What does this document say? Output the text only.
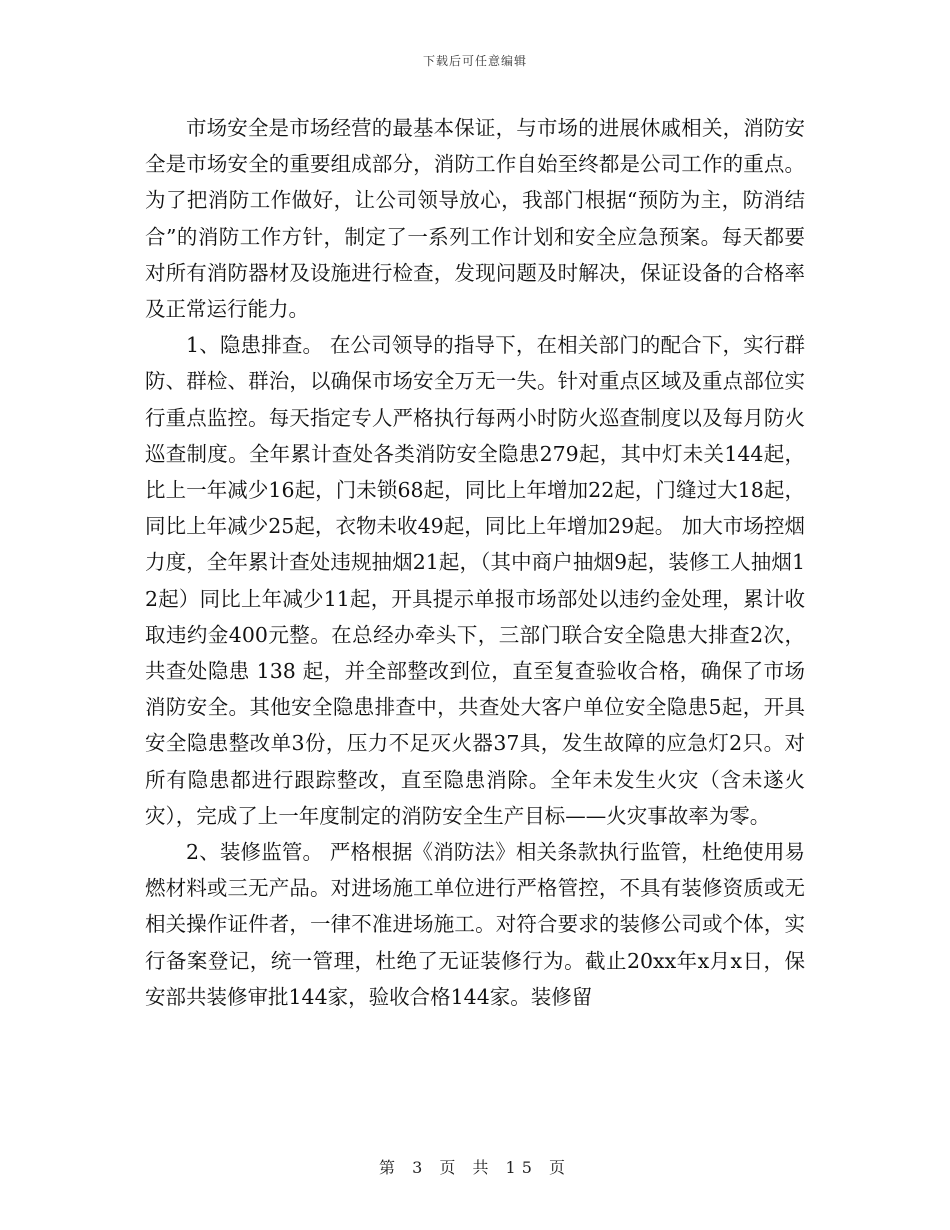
下载后可任意编辑

市场安全是市场经营的最基本保证，与市场的进展休戚相关，消防安全是市场安全的重要组成部分，消防工作自始至终都是公司工作的重点。为了把消防工作做好，让公司领导放心，我部门根据“预防为主，防消结合”的消防工作方针，制定了一系列工作计划和安全应急预案。每天都要对所有消防器材及设施进行检查，发现问题及时解决，保证设备的合格率及正常运行能力。

1、隐患排查。 在公司领导的指导下，在相关部门的配合下，实行群防、群检、群治，以确保市场安全万无一失。针对重点区域及重点部位实行重点监控。每天指定专人严格执行每两小时防火巡查制度以及每月防火巡查制度。全年累计查处各类消防安全隐患279起，其中灯未关144起，比上一年减少16起，门未锁68起，同比上年增加22起，门缝过大18起，同比上年减少25起，衣物未收49起，同比上年增加29起。 加大市场控烟力度，全年累计查处违规抽烟21起，（其中商户抽烟9起，装修工人抽烟12起）同比上年减少11起，开具提示单报市场部处以违约金处理，累计收取违约金400元整。在总经办牵头下，三部门联合安全隐患大排查2次，共查处隐患 138 起，并全部整改到位，直至复查验收合格，确保了市场消防安全。其他安全隐患排查中，共查处大客户单位安全隐患5起，开具安全隐患整改单3份，压力不足灭火器37具，发生故障的应急灯2只。对所有隐患都进行跟踪整改，直至隐患消除。全年未发生火灾（含未遂火灾），完成了上一年度制定的消防安全生产目标——火灾事故率为零。

2、装修监管。 严格根据《消防法》相关条款执行监管，杜绝使用易燃材料或三无产品。对进场施工单位进行严格管控，不具有装修资质或无相关操作证件者，一律不准进场施工。对符合要求的装修公司或个体，实行备案登记，统一管理，杜绝了无证装修行为。截止20xx年x月x日，保安部共装修审批144家，验收合格144家。装修留

第 3 页 共 15 页
